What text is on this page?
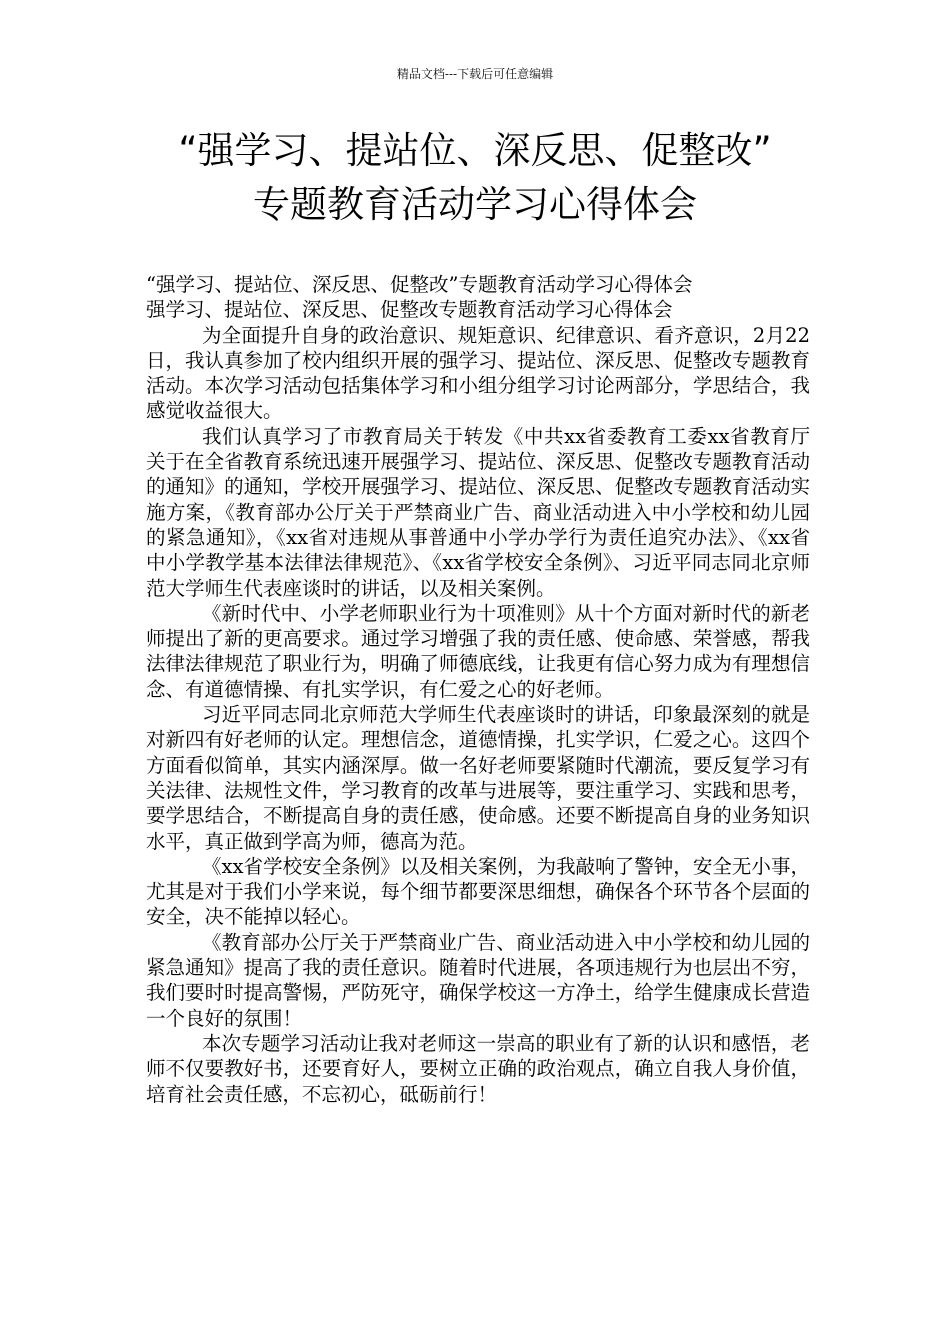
精品文档---下载后可任意编辑
“强学习、提站位、深反思、促整改”
专题教育活动学习心得体会

“强学习、提站位、深反思、促整改”专题教育活动学习心得体会

强学习、提站位、深反思、促整改专题教育活动学习心得体会

为全面提升自身的政治意识、规矩意识、纪律意识、看齐意识，2月22日，我认真参加了校内组织开展的强学习、提站位、深反思、促整改专题教育活动。本次学习活动包括集体学习和小组分组学习讨论两部分，学思结合，我感觉收益很大。

我们认真学习了市教育局关于转发《中共xx省委教育工委xx省教育厅关于在全省教育系统迅速开展强学习、提站位、深反思、促整改专题教育活动的通知》的通知，学校开展强学习、提站位、深反思、促整改专题教育活动实施方案，《教育部办公厅关于严禁商业广告、商业活动进入中小学校和幼儿园的紧急通知》，《xx省对违规从事普通中小学办学行为责任追究办法》、《xx省中小学教学基本法律法律规范》、《xx省学校安全条例》、习近平同志同北京师范大学师生代表座谈时的讲话，以及相关案例。

《新时代中、小学老师职业行为十项准则》从十个方面对新时代的新老师提出了新的更高要求。通过学习增强了我的责任感、使命感、荣誉感，帮我法律法律规范了职业行为，明确了师德底线，让我更有信心努力成为有理想信念、有道德情操、有扎实学识，有仁爱之心的好老师。

习近平同志同北京师范大学师生代表座谈时的讲话，印象最深刻的就是对新四有好老师的认定。理想信念，道德情操，扎实学识，仁爱之心。这四个方面看似简单，其实内涵深厚。做一名好老师要紧随时代潮流，要反复学习有关法律、法规性文件，学习教育的改革与进展等，要注重学习、实践和思考，要学思结合，不断提高自身的责任感，使命感。还要不断提高自身的业务知识水平，真正做到学高为师，德高为范。

《xx省学校安全条例》以及相关案例，为我敲响了警钟，安全无小事，尤其是对于我们小学来说，每个细节都要深思细想，确保各个环节各个层面的安全，决不能掉以轻心。

《教育部办公厅关于严禁商业广告、商业活动进入中小学校和幼儿园的紧急通知》提高了我的责任意识。随着时代进展，各项违规行为也层出不穷，我们要时时提高警惕，严防死守，确保学校这一方净土，给学生健康成长营造一个良好的氛围！

本次专题学习活动让我对老师这一崇高的职业有了新的认识和感悟，老师不仅要教好书，还要育好人，要树立正确的政治观点，确立自我人身价值，培育社会责任感，不忘初心，砥砺前行！
